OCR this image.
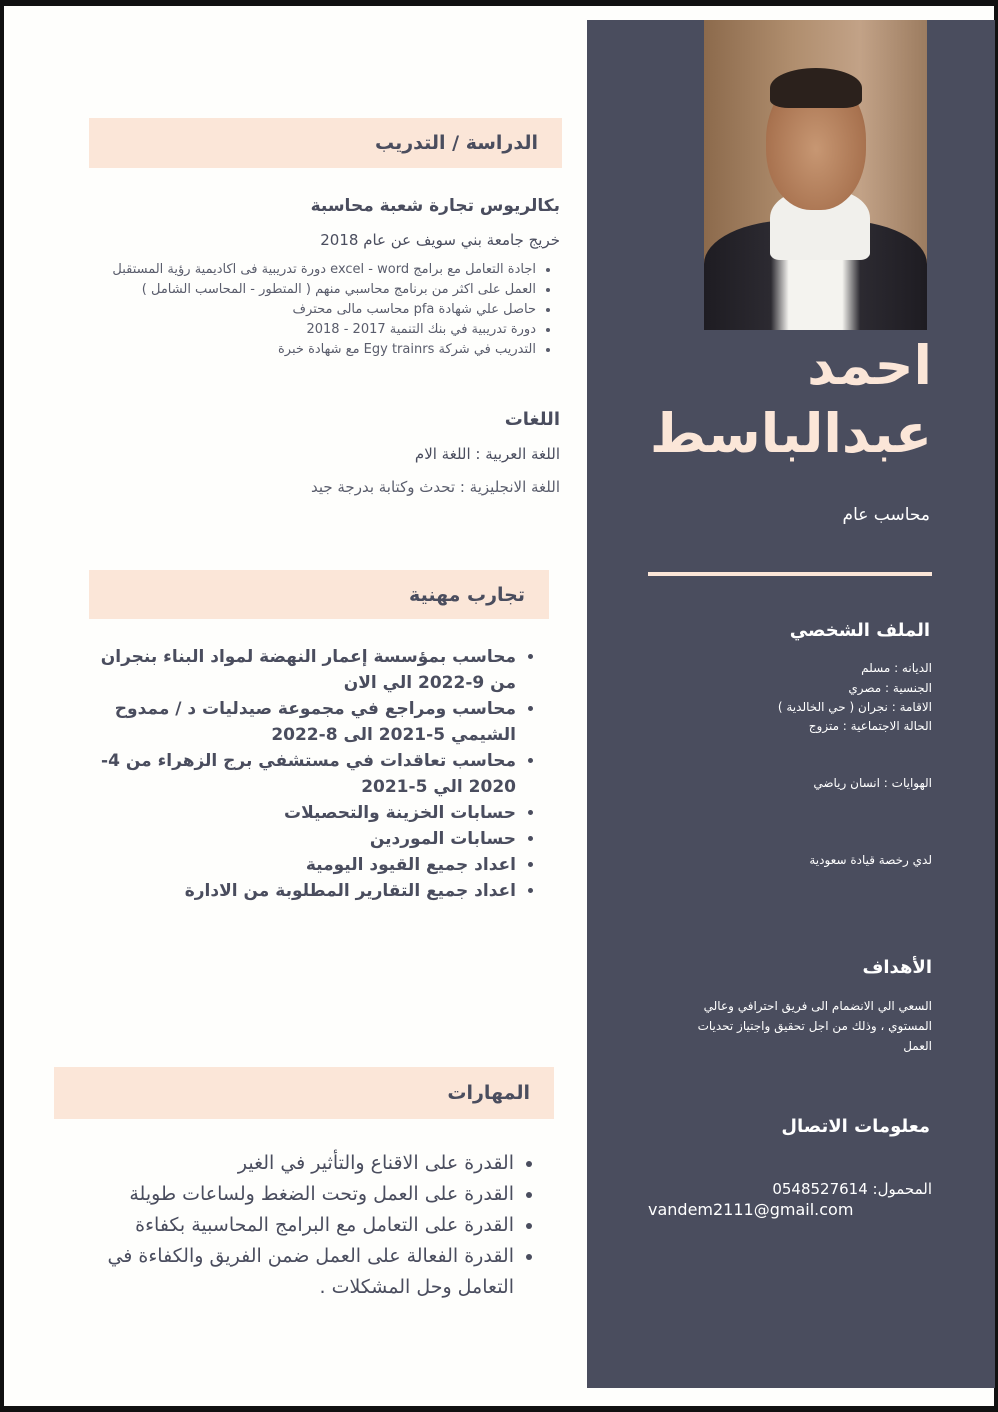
احمد
عبدالباسط
محاسب عام
الملف الشخصي
الديانه : مسلم
الجنسية : مصري
الاقامة : نجران ( حي الخالدية )
الحالة الاجتماعية : متزوج
الهوايات : انسان رياضي
لدي رخصة قيادة سعودية
الأهداف
السعي الي الانضمام الى فريق احترافي وعالي المستوي ، وذلك من اجل تحقيق واجتياز تحديات العمل
معلومات الاتصال
المحمول: 0548527614
vandem2111@gmail.com
الدراسة / التدريب
بكالريوس تجارة شعبة محاسبة
خريج جامعة بني سويف عن عام 2018
• اجادة التعامل مع برامج excel - word دورة تدريبية فى اكاديمية رؤية المستقبل
• العمل على اكثر من برنامج محاسبي منهم ( المتطور - المحاسب الشامل )
• حاصل علي شهادة pfa محاسب مالى محترف
• دورة تدريبية في بنك التنمية 2017 - 2018
• التدريب في شركة Egy trainrs مع شهادة خبرة
اللغات
اللغة العربية : اللغة الام
اللغة الانجليزية : تحدث وكتابة بدرجة جيد
تجارب مهنية
• محاسب بمؤسسة إعمار النهضة لمواد البناء بنجران من 9-2022 الي الان
• محاسب ومراجع في مجموعة صيدليات د / ممدوح الشيمي 5-2021 الى 8-2022
• محاسب تعاقدات في مستشفي برج الزهراء من 4-2020 الي 5-2021
• حسابات الخزينة والتحصيلات
• حسابات الموردين
• اعداد جميع القيود اليومية
• اعداد جميع التقارير المطلوبة من الادارة
المهارات
• القدرة على الاقناع والتأثير في الغير
• القدرة على العمل وتحت الضغط ولساعات طويلة
• القدرة على التعامل مع البرامج المحاسبية بكفاءة
• القدرة الفعالة على العمل ضمن الفريق والكفاءة في التعامل وحل المشكلات .
